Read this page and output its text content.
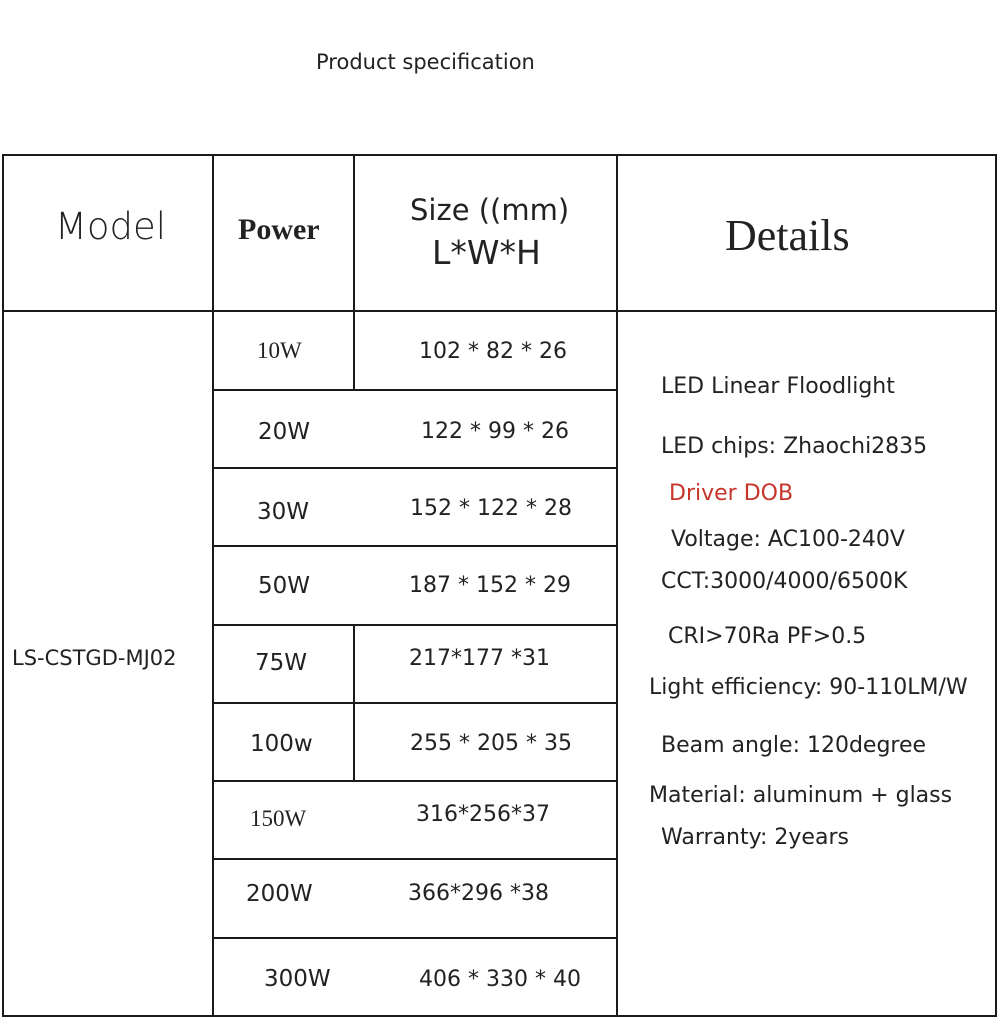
Product specification
Model Power
Size ((mm)
L*W*H	Details
LS-CSTGD-MJ02
10W
20W
30W
50W
75W
100w
150W
200W
300W
102 * 82 * 26
122 * 99 * 26
152 * 122 * 28
187 * 152 * 29
217*177 *31
255 * 205 * 35
316*256*37
366*296 *38
406 * 330 * 40
LED Linear Floodlight
LED chips: Zhaochi2835
Driver DOB
Voltage: AC100-240V
CCT:3000/4000/6500K
CRI>70Ra PF>0.5
Light efficiency: 90-110LM/W
Beam angle: 120degree
Material: aluminum + glass
Warranty: 2years
